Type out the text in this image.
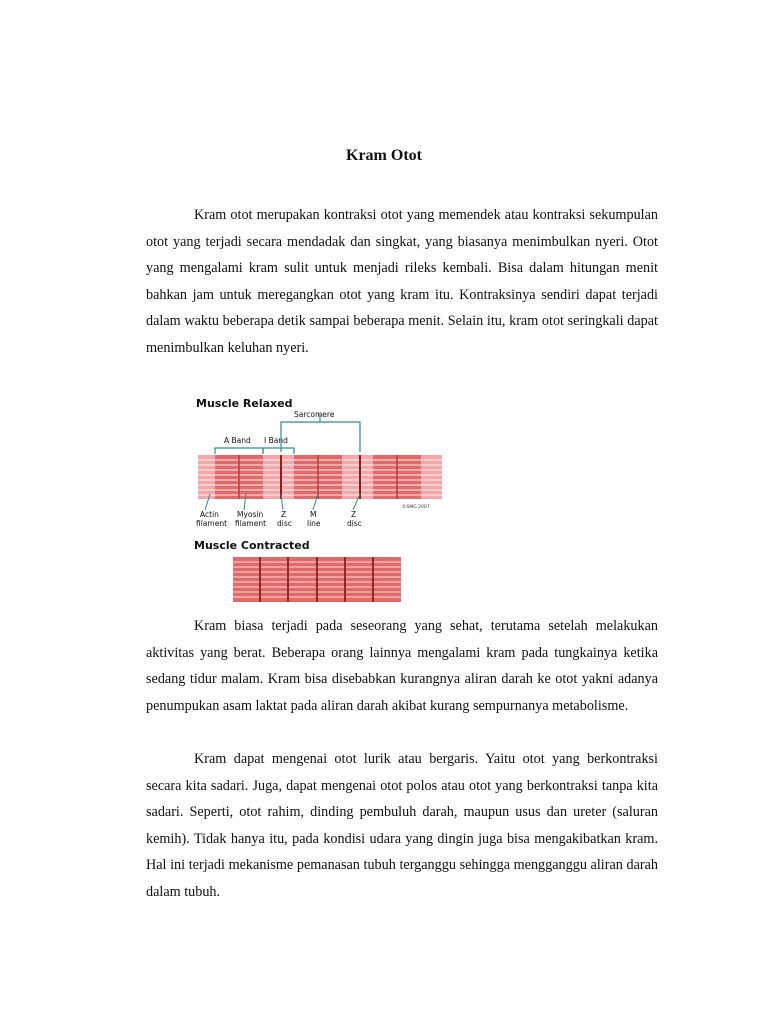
Kram Otot

Kram otot merupakan kontraksi otot yang memendek atau kontraksi sekumpulan otot yang terjadi secara mendadak dan singkat, yang biasanya menimbulkan nyeri. Otot yang mengalami kram sulit untuk menjadi rileks kembali. Bisa dalam hitungan menit bahkan jam untuk meregangkan otot yang kram itu. Kontraksinya sendiri dapat terjadi dalam waktu beberapa detik sampai beberapa menit. Selain itu, kram otot seringkali dapat menimbulkan keluhan nyeri.

Muscle Relaxed
Sarcomere
A Band I Band
Actin
filament
Myosin
filament
Z
disc
M
line
Z
disc
©SMG 2007
Muscle Contracted

Kram biasa terjadi pada seseorang yang sehat, terutama setelah melakukan aktivitas yang berat. Beberapa orang lainnya mengalami kram pada tungkainya ketika sedang tidur malam. Kram bisa disebabkan kurangnya aliran darah ke otot yakni adanya penumpukan asam laktat pada aliran darah akibat kurang sempurnanya metabolisme.

Kram dapat mengenai otot lurik atau bergaris. Yaitu otot yang berkontraksi secara kita sadari. Juga, dapat mengenai otot polos atau otot yang berkontraksi tanpa kita sadari. Seperti, otot rahim, dinding pembuluh darah, maupun usus dan ureter (saluran kemih). Tidak hanya itu, pada kondisi udara yang dingin juga bisa mengakibatkan kram. Hal ini terjadi mekanisme pemanasan tubuh terganggu sehingga mengganggu aliran darah dalam tubuh.
